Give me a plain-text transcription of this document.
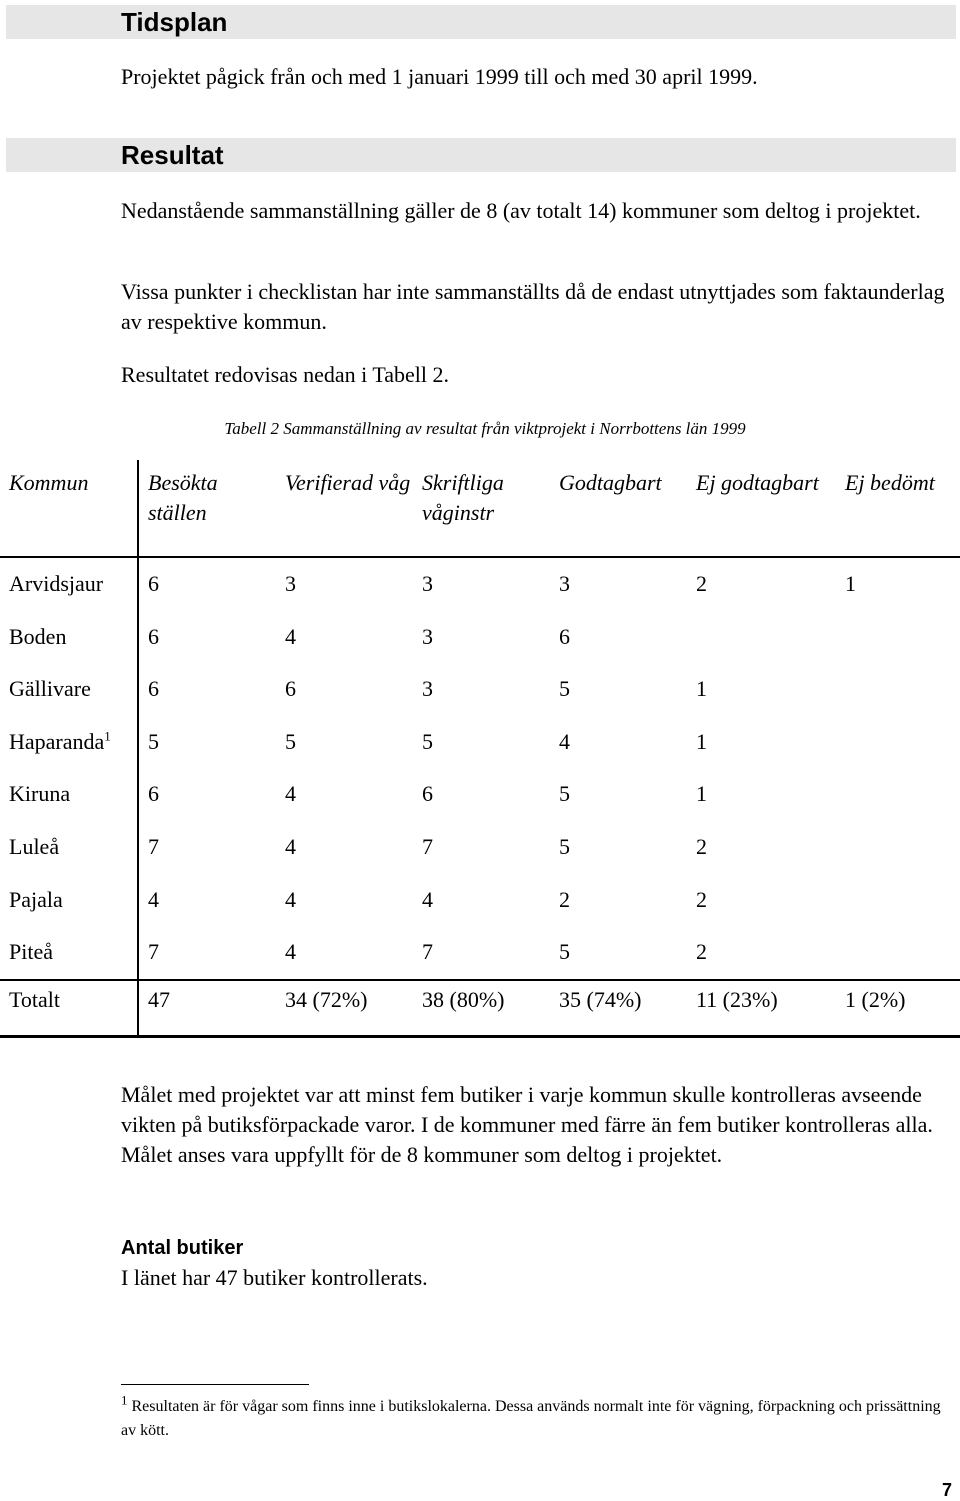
Tidsplan
Projektet pågick från och med 1 januari 1999 till och med 30 april 1999.
Resultat
Nedanstående sammanställning gäller de 8 (av totalt 14) kommuner som deltog i projektet.
Vissa punkter i checklistan har inte sammanställts då de endast utnyttjades som faktaunderlag av respektive kommun.
Resultatet redovisas nedan i Tabell 2.
Tabell 2 Sammanställning av resultat från viktprojekt i Norrbottens län 1999
Kommun	Besökta ställen	Verifierad våg	Skriftliga våginstr	Godtagbart	Ej godtagbart	Ej bedömt
Arvidsjaur	6	3	3	3	2	1
Boden	6	4	3	6		
Gällivare	6	6	3	5	1	
Haparanda$^1$	5	5	5	4	1	
Kiruna	6	4	6	5	1	
Luleå	7	4	7	5	2	
Pajala	4	4	4	2	2	
Piteå	7	4	7	5	2	
Totalt	47	34 (72%)	38 (80%)	35 (74%)	11 (23%)	1 (2%)
Målet med projektet var att minst fem butiker i varje kommun skulle kontrolleras avseende vikten på butiksförpackade varor. I de kommuner med färre än fem butiker kontrolleras alla. Målet anses vara uppfyllt för de 8 kommuner som deltog i projektet.
Antal butiker
I länet har 47 butiker kontrollerats.
$^1$ Resultaten är för vågar som finns inne i butikslokalerna. Dessa används normalt inte för vägning, förpackning och prissättning av kött.
7
